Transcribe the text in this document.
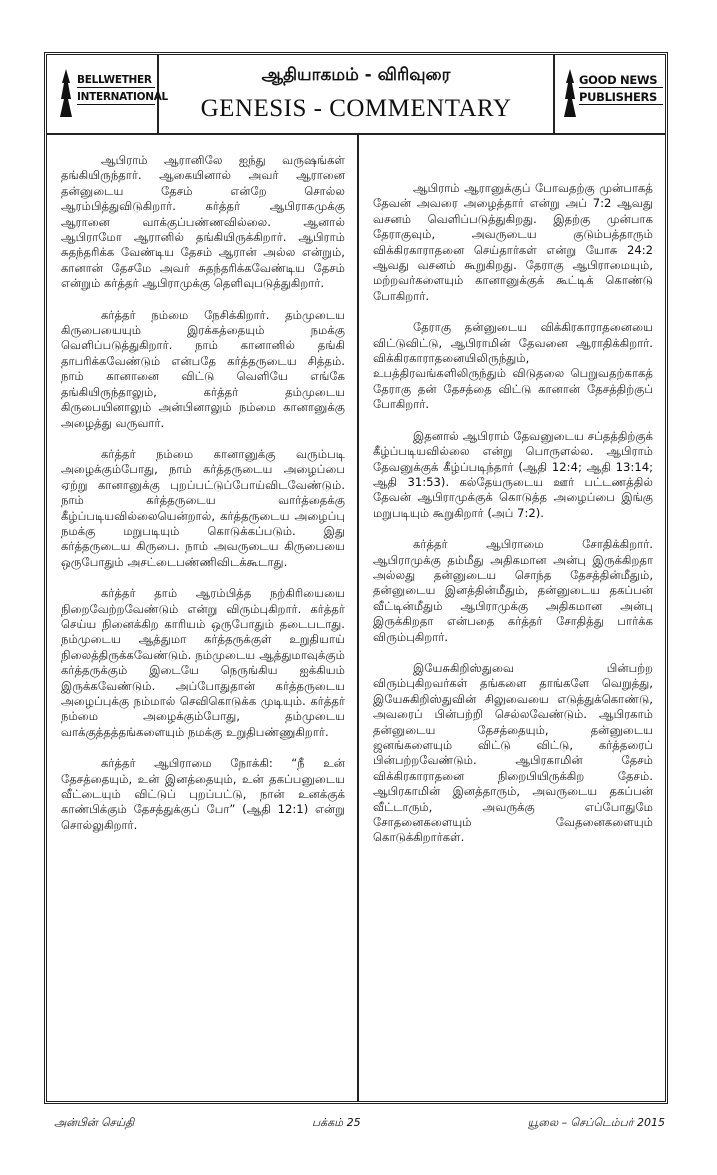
BELLWETHER
INTERNATIONAL
ஆதியாகமம் - விரிவுரை
GENESIS - COMMENTARY
GOOD NEWS
PUBLISHERS

ஆபிராம் ஆரானிலே ஐந்து வருஷங்கள் தங்கியிருந்தார். ஆகையினால் அவர் ஆரானை தன்னுடைய தேசம் என்றே சொல்ல ஆரம்பித்துவிடுகிறார். கர்த்தர் ஆபிராகமுக்கு ஆரானை வாக்குப்பண்ணவில்லை. ஆனால் ஆபிராமோ ஆரானில் தங்கியிருக்கிறார். ஆபிராம் சுதந்தரிக்க வேண்டிய தேசம் ஆரான் அல்ல என்றும், கானான் தேசமே அவர் சுதந்தரிக்கவேண்டிய தேசம் என்றும் கர்த்தர் ஆபிராமுக்கு தெளிவுபடுத்துகிறார்.

கர்த்தர் நம்மை நேசிக்கிறார். தம்முடைய கிருபையையும் இரக்கத்தையும் நமக்கு வெளிப்படுத்துகிறார். நாம் கானானில் தங்கி தாபரிக்கவேண்டும் என்பதே கர்த்தருடைய சித்தம். நாம் கானானை விட்டு வெளியே எங்கே தங்கியிருந்தாலும், கர்த்தர் தம்முடைய கிருபையினாலும் அன்பினாலும் நம்மை கானானுக்கு அழைத்து வருவார்.

கர்த்தர் நம்மை கானானுக்கு வரும்படி அழைக்கும்போது, நாம் கர்த்தருடைய அழைப்பை ஏற்று கானானுக்கு புறப்பட்டுப்போய்விடவேண்டும். நாம் கர்த்தருடைய வார்த்தைக்கு கீழ்ப்படியவில்லையென்றால், கர்த்தருடைய அழைப்பு நமக்கு மறுபடியும் கொடுக்கப்படும். இது கர்த்தருடைய கிருபை. நாம் அவருடைய கிருபையை ஒருபோதும் அசட்டைபண்ணிவிடக்கூடாது.

கர்த்தர் தாம் ஆரம்பித்த நற்கிரியையை நிறைவேற்றவேண்டும் என்று விரும்புகிறார். கர்த்தர் செய்ய நினைக்கிற காரியம் ஒருபோதும் தடைபடாது. நம்முடைய ஆத்துமா கர்த்தருக்குள் உறுதியாய் நிலைத்திருக்கவேண்டும். நம்முடைய ஆத்துமாவுக்கும் கர்த்தருக்கும் இடையே நெருங்கிய ஐக்கியம் இருக்கவேண்டும். அப்போதுதான் கர்த்தருடைய அழைப்புக்கு நம்மால் செவிகொடுக்க முடியும். கர்த்தர் நம்மை அழைக்கும்போது, தம்முடைய வாக்குத்தத்தங்களையும் நமக்கு உறுதிபண்ணுகிறார்.

கர்த்தர் ஆபிராமை நோக்கி: “நீ உன் தேசத்தையும், உன் இனத்தையும், உன் தகப்பனுடைய வீட்டையும் விட்டுப் புறப்பட்டு, நான் உனக்குக் காண்பிக்கும் தேசத்துக்குப் போ” (ஆதி 12:1) என்று சொல்லுகிறார்.

ஆபிராம் ஆரானுக்குப் போவதற்கு முன்பாகத் தேவன் அவரை அழைத்தார் என்று அப் 7:2 ஆவது வசனம் வெளிப்படுத்துகிறது. இதற்கு முன்பாக தேராகுவும், அவருடைய குடும்பத்தாரும் விக்கிரகாராதனை செய்தார்கள் என்று யோசு 24:2 ஆவது வசனம் கூறுகிறது. தேராகு ஆபிராமையும், மற்றவர்களையும் கானானுக்குக் கூட்டிக் கொண்டு போகிறார்.

தேராகு தன்னுடைய விக்கிரகாராதனையை விட்டுவிட்டு, ஆபிராமின் தேவனை ஆராதிக்கிறார். விக்கிரகாராதனையிலிருந்தும், உபத்திரவங்களிலிருந்தும் விடுதலை பெறுவதற்காகத் தேராகு தன் தேசத்தை விட்டு கானான் தேசத்திற்குப் போகிறார்.

இதனால் ஆபிராம் தேவனுடைய சப்தத்திற்குக் கீழ்ப்படியவில்லை என்று பொருளல்ல. ஆபிராம் தேவனுக்குக் கீழ்ப்படிந்தார் (ஆதி 12:4; ஆதி 13:14; ஆதி 31:53). கல்தேயருடைய ஊர் பட்டணத்தில் தேவன் ஆபிராமுக்குக் கொடுத்த அழைப்பை இங்கு மறுபடியும் கூறுகிறார் (அப் 7:2).

கர்த்தர் ஆபிராமை சோதிக்கிறார். ஆபிராமுக்கு தம்மீது அதிகமான அன்பு இருக்கிறதா அல்லது தன்னுடைய சொந்த தேசத்தின்மீதும், தன்னுடைய இனத்தின்மீதும், தன்னுடைய தகப்பன் வீட்டின்மீதும் ஆபிராமுக்கு அதிகமான அன்பு இருக்கிறதா என்பதை கர்த்தர் சோதித்து பார்க்க விரும்புகிறார்.

இயேசுகிறிஸ்துவை பின்பற்ற விரும்புகிறவர்கள் தங்களை தாங்களே வெறுத்து, இயேசுகிறிஸ்துவின் சிலுவையை எடுத்துக்கொண்டு, அவரைப் பின்பற்றி செல்லவேண்டும். ஆபிரகாம் தன்னுடைய தேசத்தையும், தன்னுடைய ஜனங்களையும் விட்டு விட்டு, கர்த்தரைப் பின்பற்றவேண்டும். ஆபிரகாமின் தேசம் விக்கிரகாராதனை நிறைபியிருக்கிற தேசம். ஆபிரகாமின் இனத்தாரும், அவருடைய தகப்பன் வீட்டாரும், அவருக்கு எப்போதுமே சோதனைகளையும் வேதனைகளையும் கொடுக்கிறார்கள்.

அன்பின் செய்தி	பக்கம் 25	யூலை – செப்டெம்பர் 2015
